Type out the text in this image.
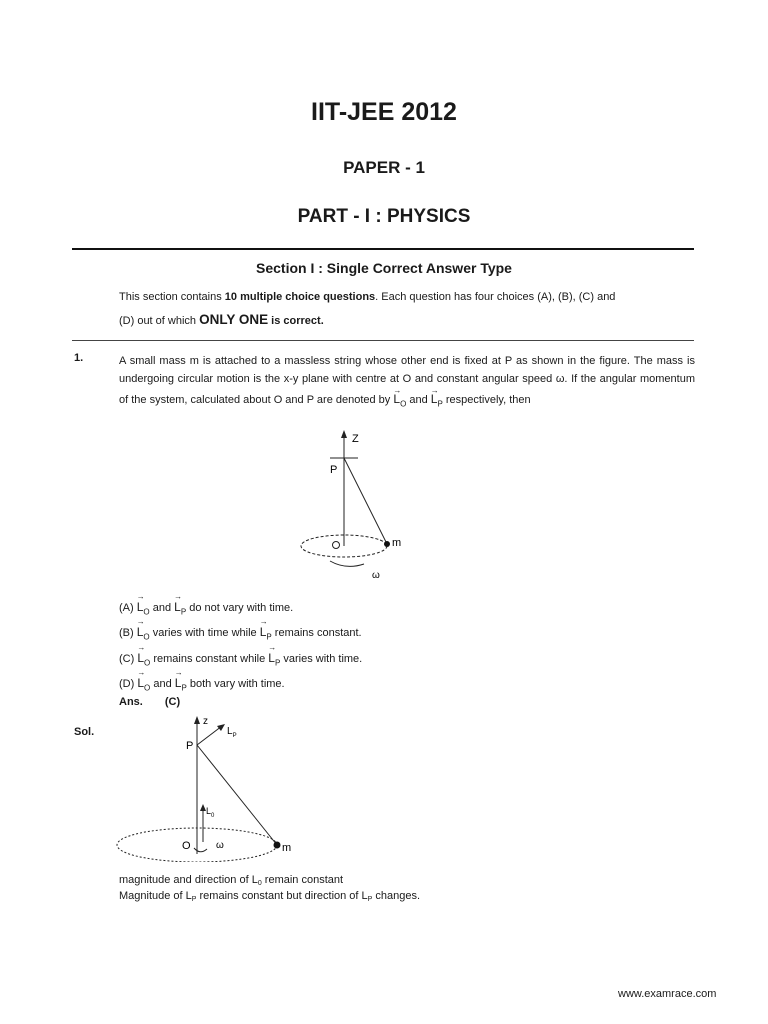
IIT-JEE 2012
PAPER - 1
PART - I : PHYSICS
Section I : Single Correct Answer Type
This section contains 10 multiple choice questions. Each question has four choices (A), (B), (C) and
(D) out of which ONLY ONE is correct.
1.	A small mass m is attached to a massless string whose other end is fixed at P as shown in the figure. The mass is undergoing circular motion is the x-y plane with centre at O and constant angular speed ω. If the angular momentum of the system, calculated about O and P are denoted by → $L_O$ and → $L_P$ respectively, then
Z
P
m
ω
$(A) \to L_O$ and → $L_P$ do not vary with time.
$(B) \to L_O$ varies with time while → $L_P$ remains constant.
$(C) \to L_O$ remains constant while → $L_P$ varies with time.
$(D) \to L_O$ and → $L_P$ both vary with time.
Ans. (C)
Sol.
z
P
$L_P$
$L_0$
m
O	ω
magnitude and direction of L0 remain constant
Magnitude of LP remains constant but direction of LP changes.
www.examrace.com
